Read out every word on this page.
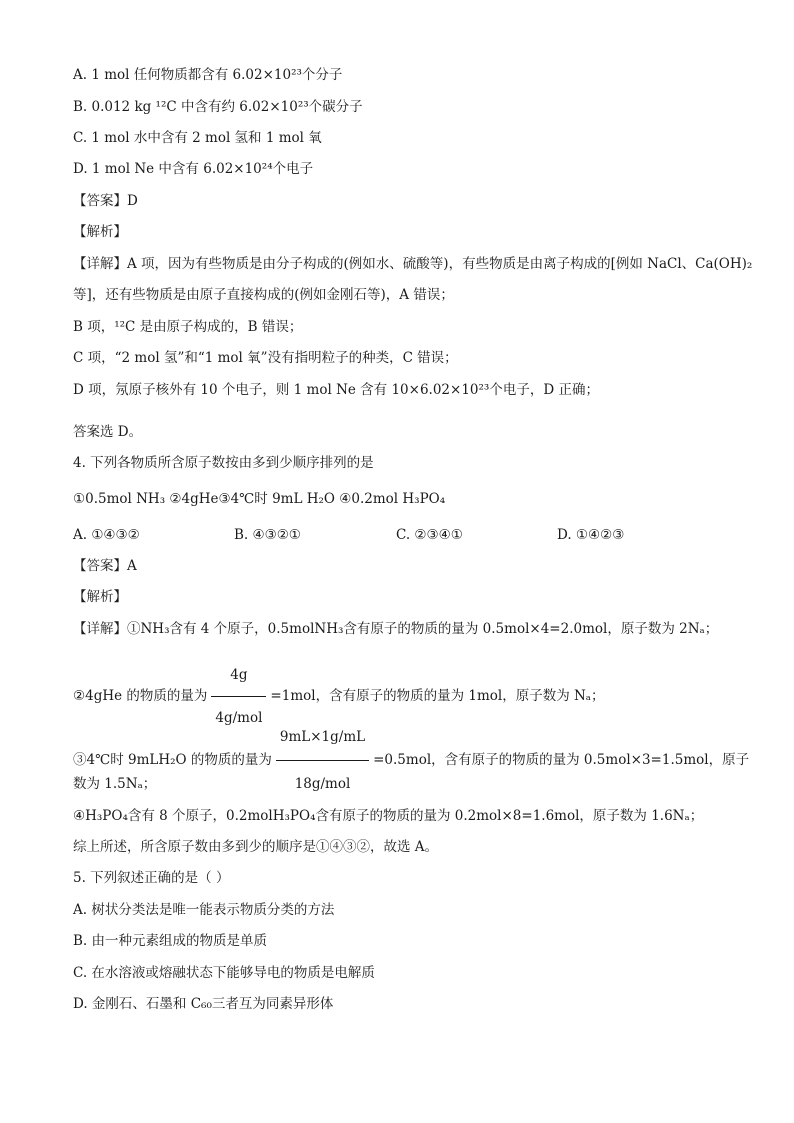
A. 1 mol 任何物质都含有 6.02×10²³个分子
B. 0.012 kg ¹²C 中含有约 6.02×10²³个碳分子
C. 1 mol 水中含有 2 mol 氢和 1 mol 氧
D. 1 mol Ne 中含有 6.02×10²⁴个电子
【答案】D
【解析】
【详解】A 项，因为有些物质是由分子构成的(例如水、硫酸等)，有些物质是由离子构成的[例如 NaCl、Ca(OH)₂
等]，还有些物质是由原子直接构成的(例如金刚石等)，A 错误；
B 项，¹²C 是由原子构成的，B 错误；
C 项，“2 mol 氢”和“1 mol 氧”没有指明粒子的种类，C 错误；
D 项，氖原子核外有 10 个电子，则 1 mol Ne 含有 10×6.02×10²³个电子，D 正确；
答案选 D。
4. 下列各物质所含原子数按由多到少顺序排列的是
①0.5mol NH₃ ②4gHe③4℃时 9mL H₂O ④0.2mol H₃PO₄
A. ①④③②	B. ④③②①	C. ②③④①	D. ①④②③
【答案】A
【解析】
【详解】①NH₃含有 4 个原子，0.5molNH₃含有原子的物质的量为 0.5mol×4=2.0mol，原子数为 2Nₐ；
②4gHe 的物质的量为 $\frac{4g}{\text{4g/mol}} =1mol$，含有原子的物质的量为 1mol，原子数为 Nₐ；
③4℃时 9mLH₂O 的物质的量为 $\frac{9mL\times 1g/mL}{\text{18g/mol}} =0.5mol$，含有原子的物质的量为 0.5mol×3=1.5mol，原子
数为 1.5Nₐ；
④H₃PO₄含有 8 个原子，0.2molH₃PO₄含有原子的物质的量为 0.2mol×8=1.6mol，原子数为 1.6Nₐ；
综上所述，所含原子数由多到少的顺序是①④③②，故选 A。
5. 下列叙述正确的是（ ）
A. 树状分类法是唯一能表示物质分类的方法
B. 由一种元素组成的物质是单质
C. 在水溶液或熔融状态下能够导电的物质是电解质
D. 金刚石、石墨和 C₆₀三者互为同素异形体
